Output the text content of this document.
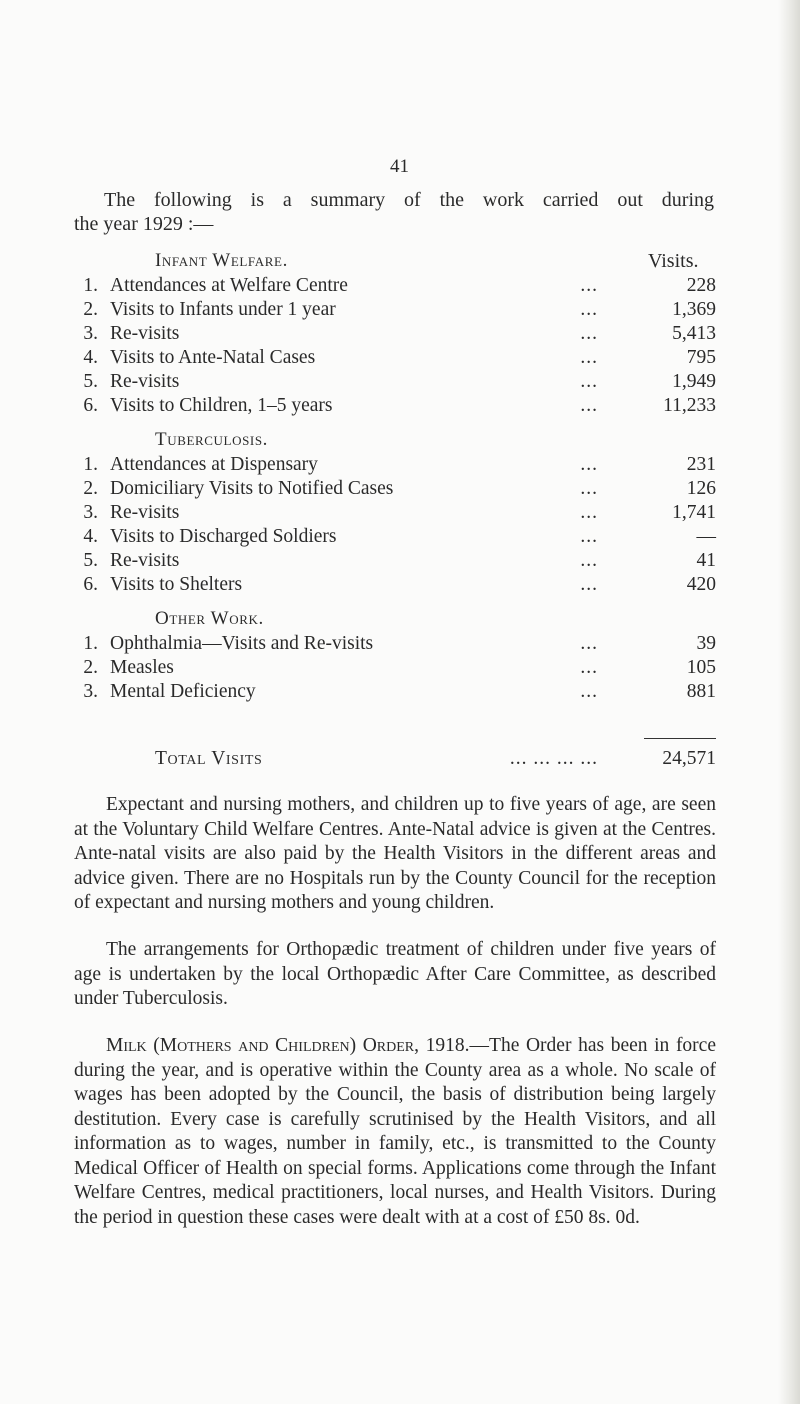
41

The following is a summary of the work carried out during
the year 1929 :—

Visits.
Infant Welfare.
1. Attendances at Welfare Centre	...	228
2. Visits to Infants under 1 year	...	1,369
3. Re-visits	...	5,413
4. Visits to Ante-Natal Cases	...	795
5. Re-visits	...	1,949
6. Visits to Children, 1–5 years	...	11,233
Tuberculosis.
1. Attendances at Dispensary	...	231
2. Domiciliary Visits to Notified Cases	...	126
3. Re-visits	...	1,741
4. Visits to Discharged Soldiers	...	—
5. Re-visits	...	41
6. Visits to Shelters	...	420
Other Work.
1. Ophthalmia—Visits and Re-visits	...	39
2. Measles	...	105
3. Mental Deficiency	...	881
Total Visits	... ... ... ...	24,571

Expectant and nursing mothers, and children up to five years of age, are seen at the Voluntary Child Welfare Centres. Ante-Natal advice is given at the Centres. Ante-natal visits are also paid by the Health Visitors in the different areas and advice given. There are no Hospitals run by the County Council for the reception of expectant and nursing mothers and young children.

The arrangements for Orthopædic treatment of children under five years of age is undertaken by the local Orthopædic After Care Committee, as described under Tuberculosis.

Milk (Mothers and Children) Order, 1918.—The Order has been in force during the year, and is operative within the County area as a whole. No scale of wages has been adopted by the Council, the basis of distribution being largely destitution. Every case is carefully scrutinised by the Health Visitors, and all information as to wages, number in family, etc., is transmitted to the County Medical Officer of Health on special forms. Applications come through the Infant Welfare Centres, medical practitioners, local nurses, and Health Visitors. During the period in question these cases were dealt with at a cost of £50 8s. 0d.
